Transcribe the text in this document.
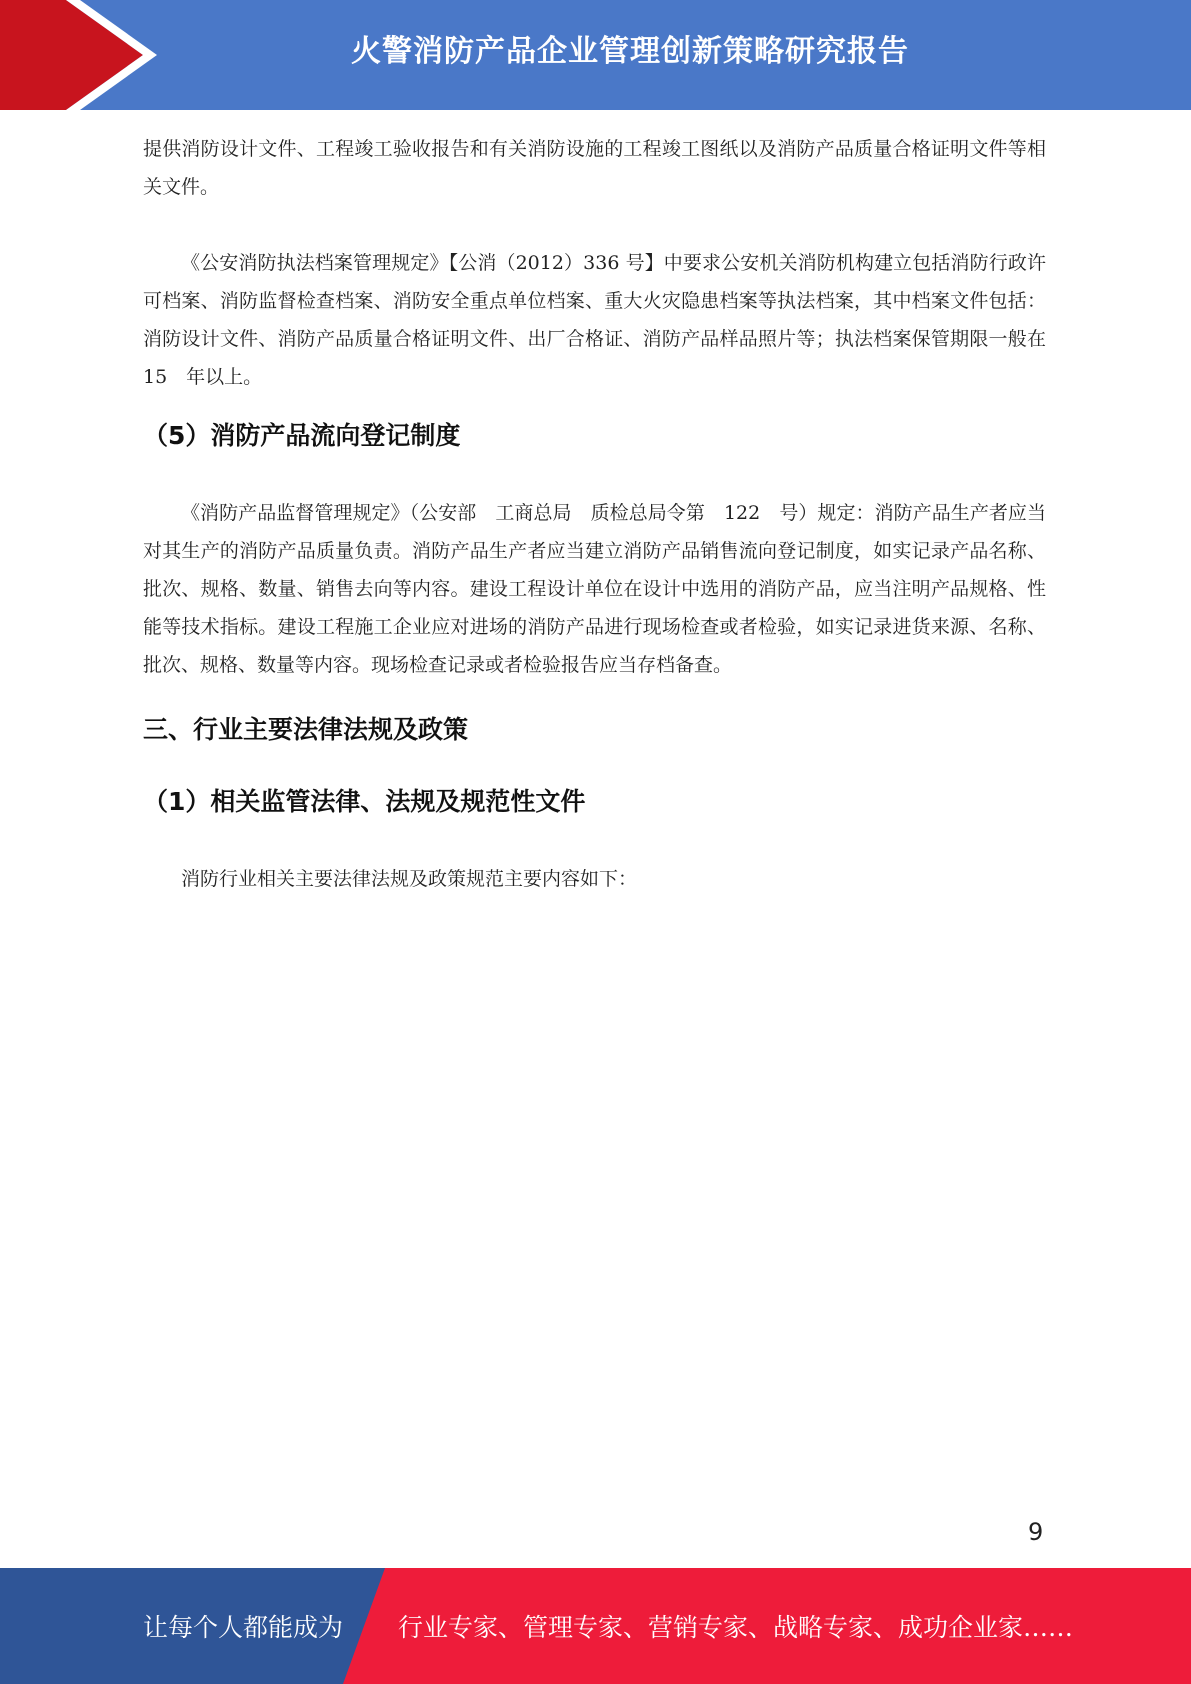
火警消防产品企业管理创新策略研究报告

提供消防设计文件、工程竣工验收报告和有关消防设施的工程竣工图纸以及消防产品质量合格证明文件等相关文件。

《公安消防执法档案管理规定》【公消（2012）336 号】中要求公安机关消防机构建立包括消防行政许可档案、消防监督检查档案、消防安全重点单位档案、重大火灾隐患档案等执法档案，其中档案文件包括：消防设计文件、消防产品质量合格证明文件、出厂合格证、消防产品样品照片等；执法档案保管期限一般在　15　年以上。

（5）消防产品流向登记制度

《消防产品监督管理规定》（公安部　工商总局　质检总局令第　122　号）规定：消防产品生产者应当对其生产的消防产品质量负责。消防产品生产者应当建立消防产品销售流向登记制度，如实记录产品名称、批次、规格、数量、销售去向等内容。建设工程设计单位在设计中选用的消防产品，应当注明产品规格、性能等技术指标。建设工程施工企业应对进场的消防产品进行现场检查或者检验，如实记录进货来源、名称、批次、规格、数量等内容。现场检查记录或者检验报告应当存档备查。

三、行业主要法律法规及政策
（1）相关监管法律、法规及规范性文件

消防行业相关主要法律法规及政策规范主要内容如下：

9
让每个人都能成为 行业专家、管理专家、营销专家、战略专家、成功企业家……
